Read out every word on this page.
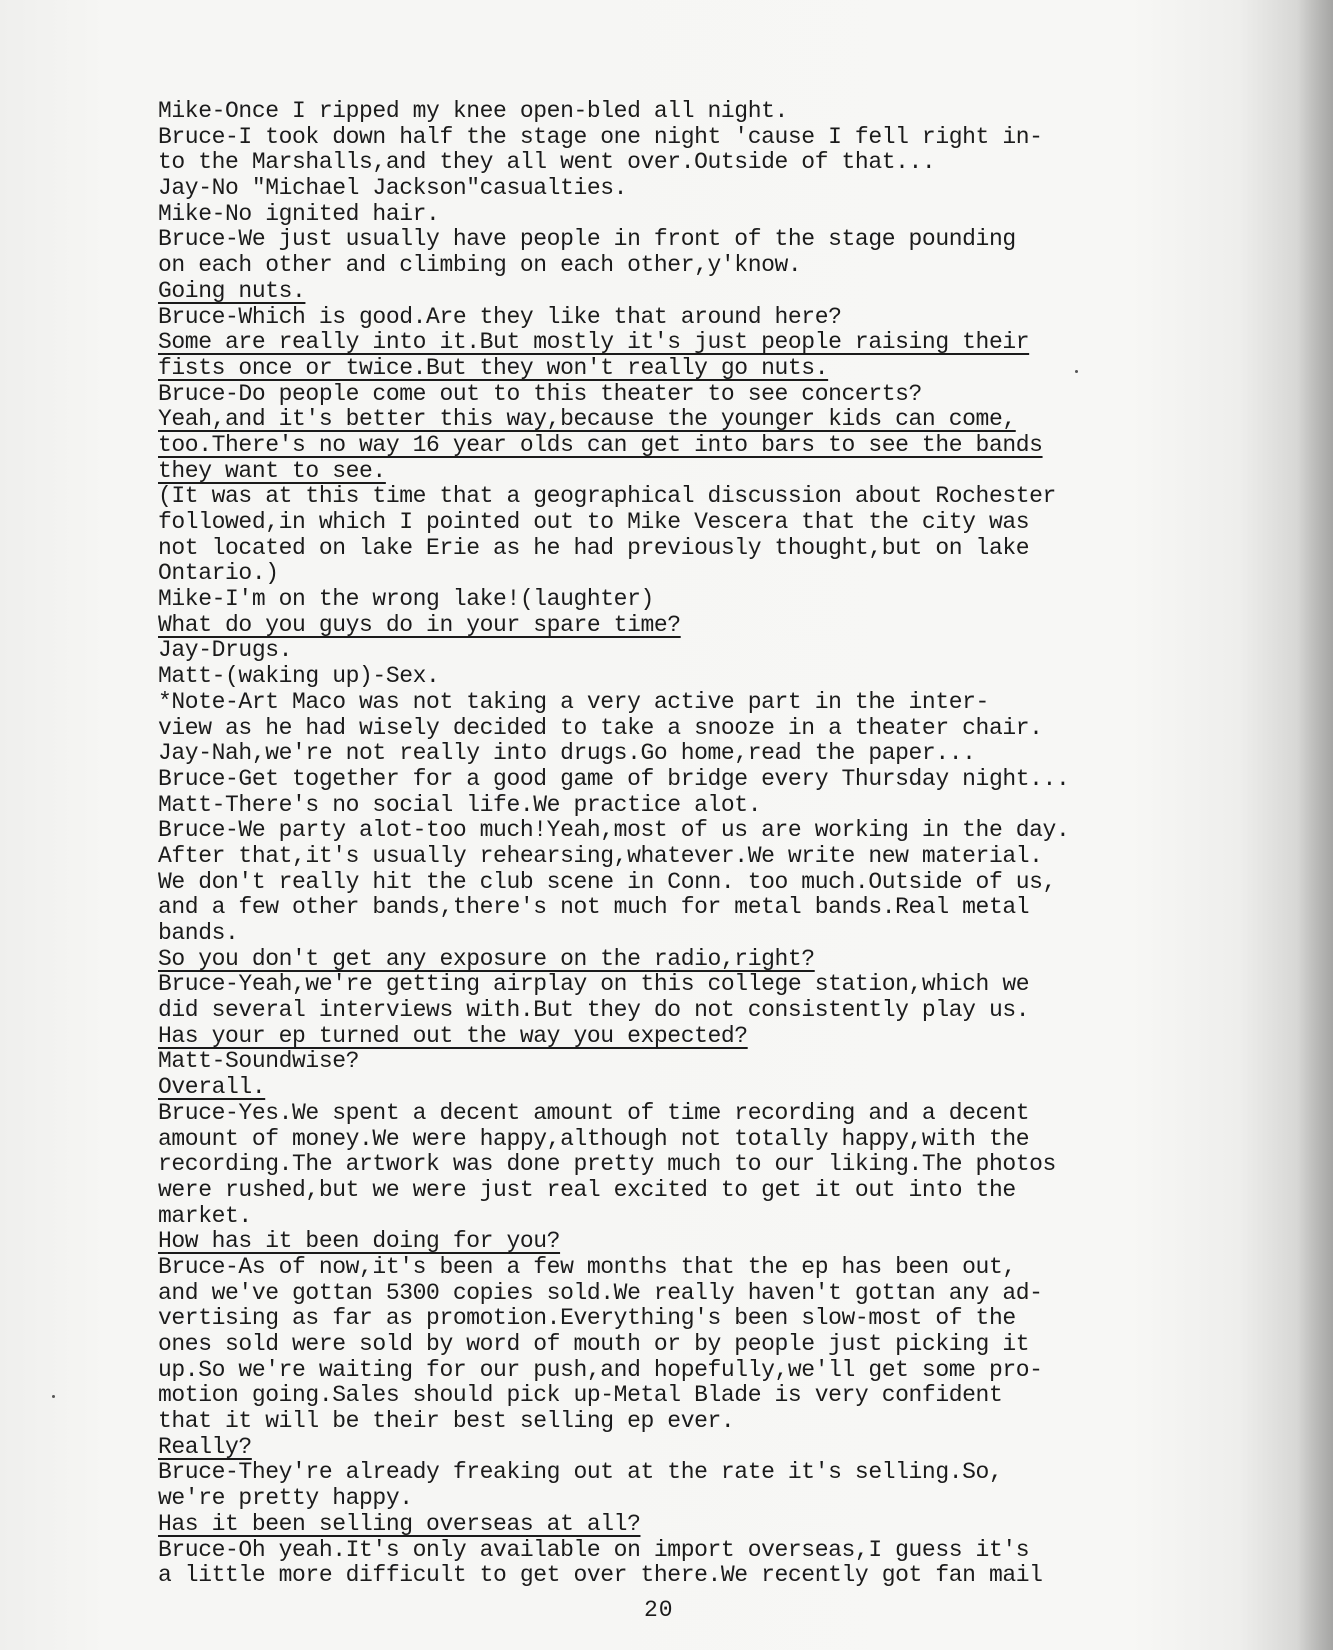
Mike-Once I ripped my knee open-bled all night.
Bruce-I took down half the stage one night 'cause I fell right in-
to the Marshalls,and they all went over.Outside of that...
Jay-No "Michael Jackson"casualties.
Mike-No ignited hair.
Bruce-We just usually have people in front of the stage pounding
on each other and climbing on each other,y'know.
Going nuts.
Bruce-Which is good.Are they like that around here?
Some are really into it.But mostly it's just people raising their
fists once or twice.But they won't really go nuts.
Bruce-Do people come out to this theater to see concerts?
Yeah,and it's better this way,because the younger kids can come,
too.There's no way 16 year olds can get into bars to see the bands
they want to see.
(It was at this time that a geographical discussion about Rochester
followed,in which I pointed out to Mike Vescera that the city was
not located on lake Erie as he had previously thought,but on lake
Ontario.)
Mike-I'm on the wrong lake!(laughter)
What do you guys do in your spare time?
Jay-Drugs.
Matt-(waking up)-Sex.
*Note-Art Maco was not taking a very active part in the inter-
view as he had wisely decided to take a snooze in a theater chair.
Jay-Nah,we're not really into drugs.Go home,read the paper...
Bruce-Get together for a good game of bridge every Thursday night...
Matt-There's no social life.We practice alot.
Bruce-We party alot-too much!Yeah,most of us are working in the day.
After that,it's usually rehearsing,whatever.We write new material.
We don't really hit the club scene in Conn. too much.Outside of us,
and a few other bands,there's not much for metal bands.Real metal
bands.
So you don't get any exposure on the radio,right?
Bruce-Yeah,we're getting airplay on this college station,which we
did several interviews with.But they do not consistently play us.
Has your ep turned out the way you expected?
Matt-Soundwise?
Overall.
Bruce-Yes.We spent a decent amount of time recording and a decent
amount of money.We were happy,although not totally happy,with the
recording.The artwork was done pretty much to our liking.The photos
were rushed,but we were just real excited to get it out into the
market.
How has it been doing for you?
Bruce-As of now,it's been a few months that the ep has been out,
and we've gottan 5300 copies sold.We really haven't gottan any ad-
vertising as far as promotion.Everything's been slow-most of the
ones sold were sold by word of mouth or by people just picking it
up.So we're waiting for our push,and hopefully,we'll get some pro-
motion going.Sales should pick up-Metal Blade is very confident
that it will be their best selling ep ever.
Really?
Bruce-They're already freaking out at the rate it's selling.So,
we're pretty happy.
Has it been selling overseas at all?
Bruce-Oh yeah.It's only available on import overseas,I guess it's
a little more difficult to get over there.We recently got fan mail
20
